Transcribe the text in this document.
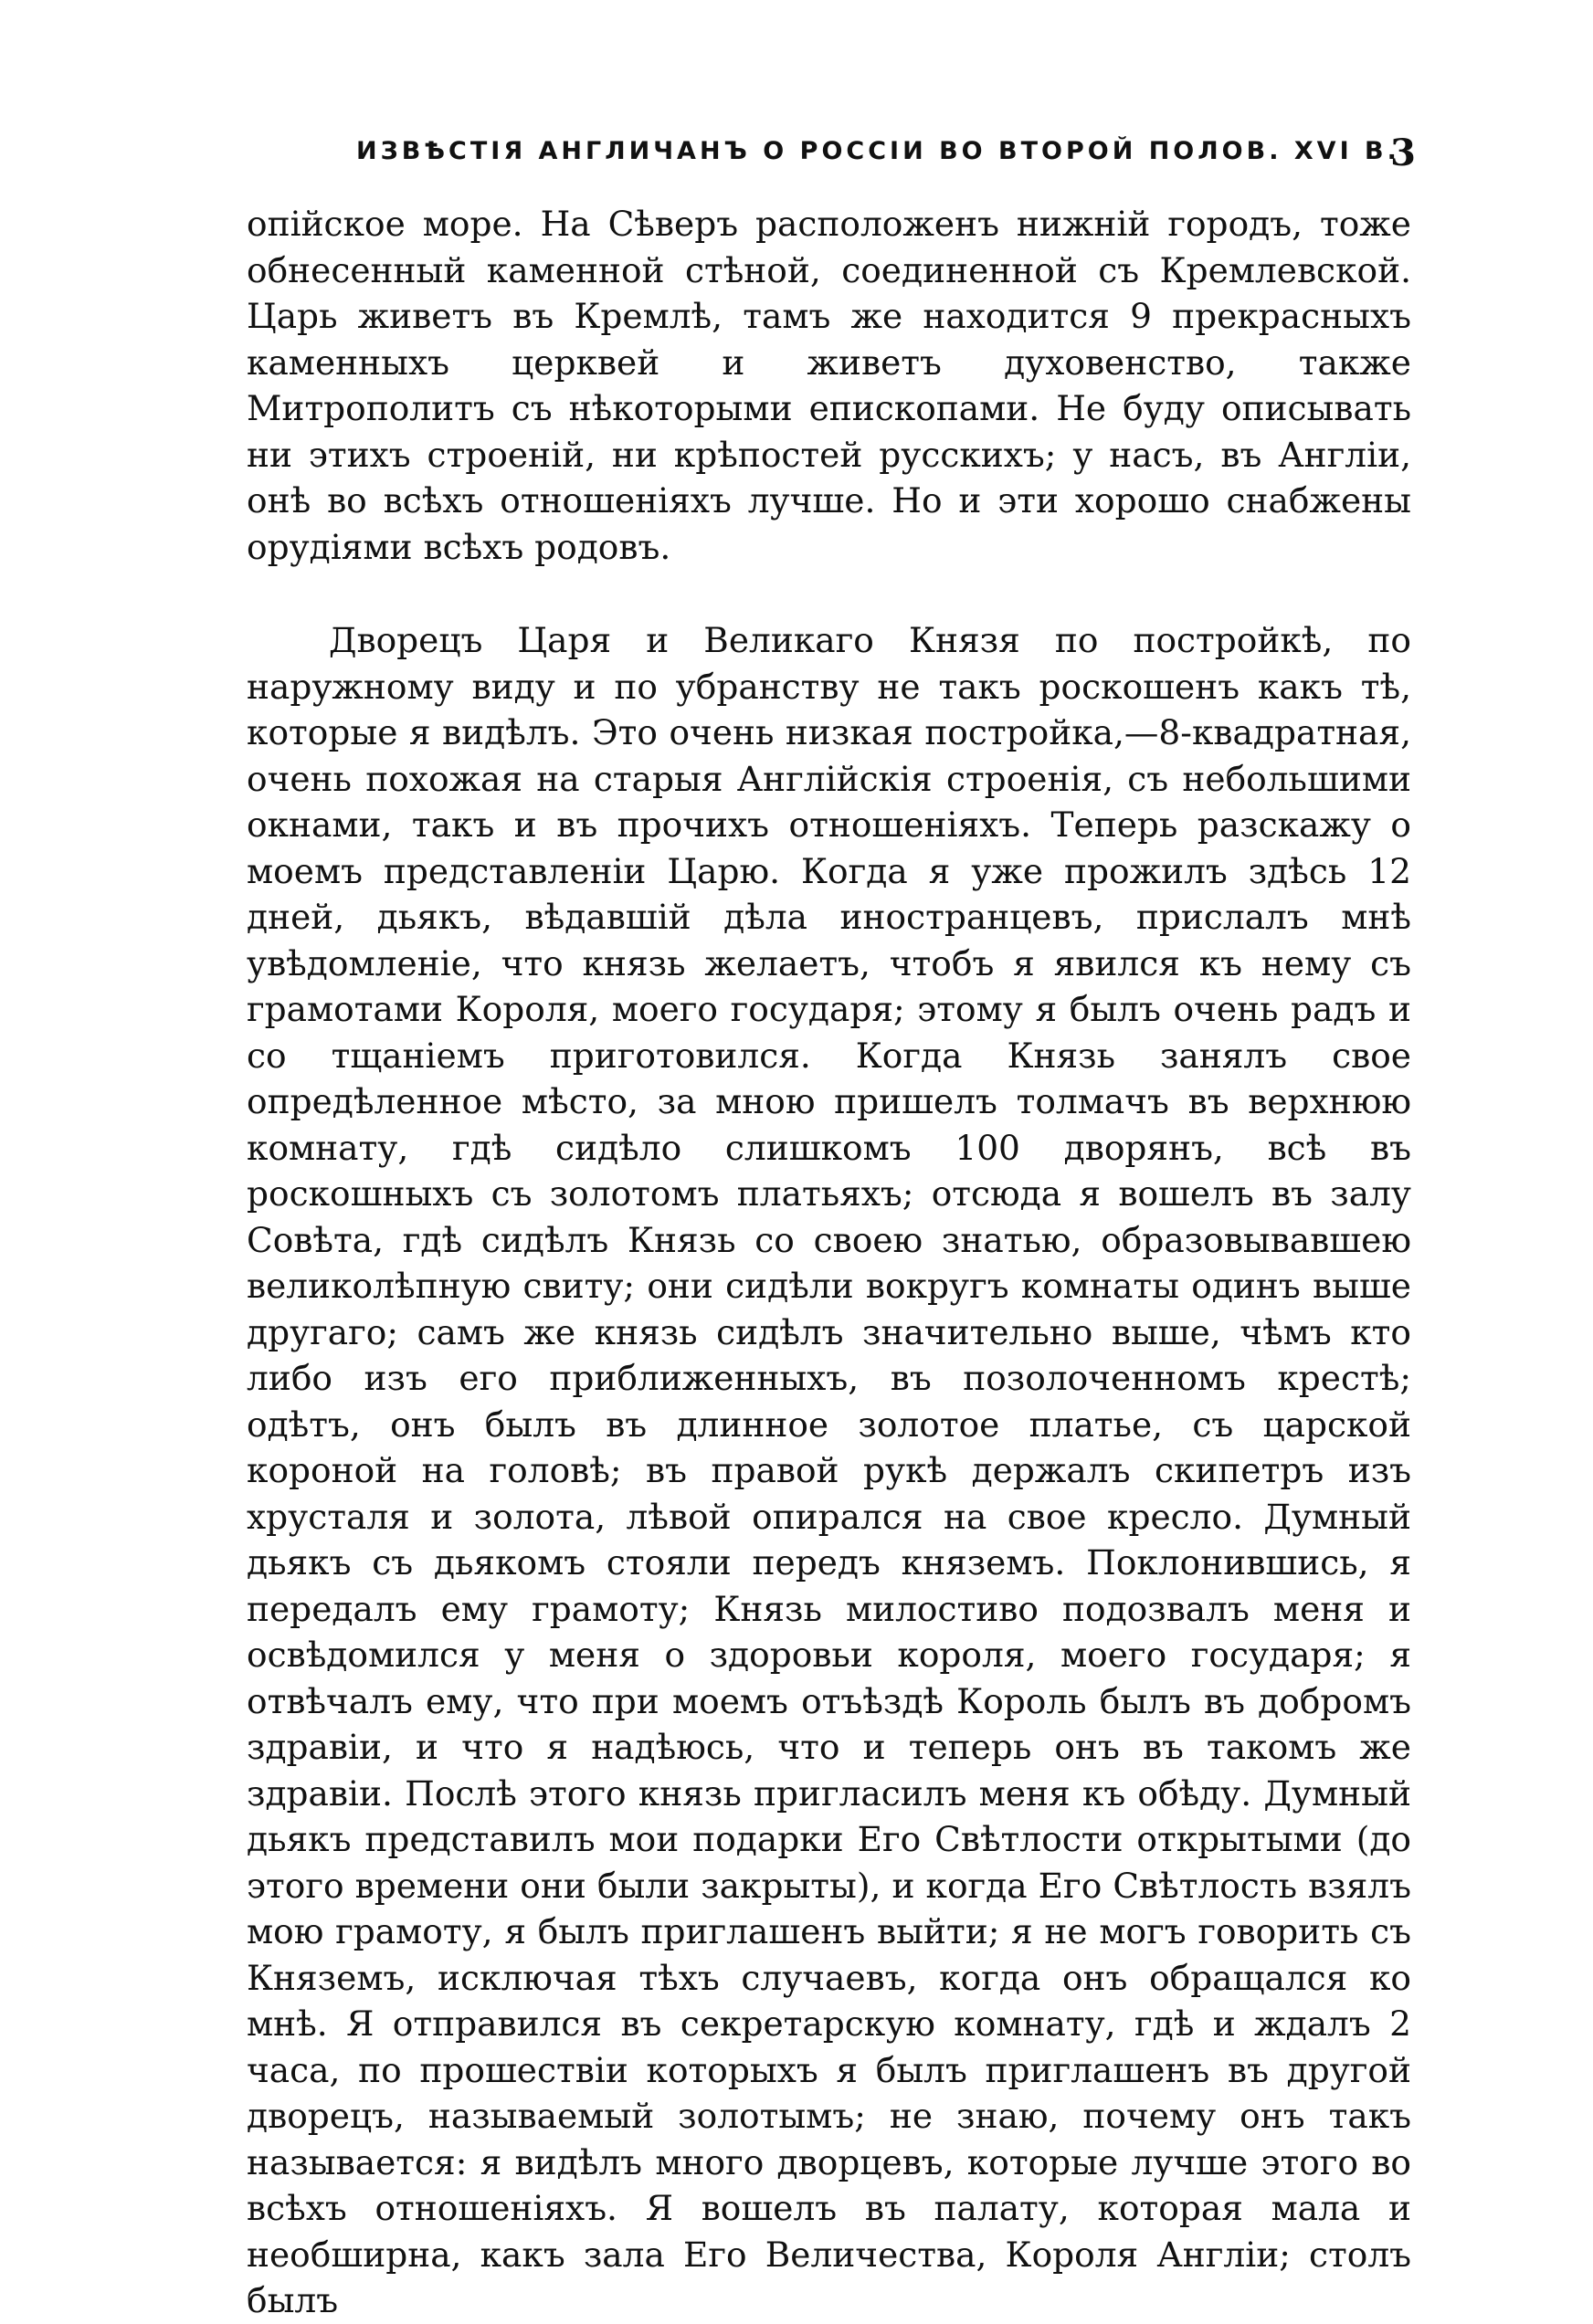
ИЗВѢСТІЯ АНГЛИЧАНЪ О РОССІИ ВО ВТОРОЙ ПОЛОВ. XVI В.
3

опійское море. На Сѣверъ расположенъ нижній городъ, тоже обнесенный каменной стѣной, соединенной съ Кремлевской. Царь живетъ въ Кремлѣ, тамъ же находится 9 прекрасныхъ каменныхъ церквей и живетъ духовенство, также Митрополитъ съ нѣкоторыми епископами. Не буду описывать ни этихъ строеній, ни крѣпостей русскихъ; у насъ, въ Англіи, онѣ во всѣхъ отношеніяхъ лучше. Но и эти хорошо снабжены орудіями всѣхъ родовъ.

Дворецъ Царя и Великаго Князя по постройкѣ, по наружному виду и по убранству не такъ роскошенъ какъ тѣ, которые я видѣлъ. Это очень низкая постройка,—8-квадратная, очень похожая на старыя Англійскія строенія, съ небольшими окнами, такъ и въ прочихъ отношеніяхъ. Теперь разскажу о моемъ представленіи Царю. Когда я уже прожилъ здѣсь 12 дней, дьякъ, вѣдавшій дѣла иностранцевъ, прислалъ мнѣ увѣдомленіе, что князь желаетъ, чтобъ я явился къ нему съ грамотами Короля, моего государя; этому я былъ очень радъ и со тщаніемъ приготовился. Когда Князь занялъ свое опредѣленное мѣсто, за мною пришелъ толмачъ въ верхнюю комнату, гдѣ сидѣло слишкомъ 100 дворянъ, всѣ въ роскошныхъ съ золотомъ платьяхъ; отсюда я вошелъ въ залу Совѣта, гдѣ сидѣлъ Князь со своею знатью, образовывавшею великолѣпную свиту; они сидѣли вокругъ комнаты одинъ выше другаго; самъ же князь сидѣлъ значительно выше, чѣмъ кто либо изъ его приближенныхъ, въ позолоченномъ крестѣ; одѣтъ, онъ былъ въ длинное золотое платье, съ царской короной на головѣ; въ правой рукѣ держалъ скипетръ изъ хрусталя и золота, лѣвой опирался на свое кресло. Думный дьякъ съ дьякомъ стояли передъ княземъ. Поклонившись, я передалъ ему грамоту; Князь милостиво подозвалъ меня и освѣдомился у меня о здоровьи короля, моего государя; я отвѣчалъ ему, что при моемъ отъѣздѣ Король былъ въ добромъ здравіи, и что я надѣюсь, что и теперь онъ въ такомъ же здравіи. Послѣ этого князь пригласилъ меня къ обѣду. Думный дьякъ представилъ мои подарки Его Свѣтлости открытыми (до этого времени они были закрыты), и когда Его Свѣтлость взялъ мою грамоту, я былъ приглашенъ выйти; я не могъ говорить съ Княземъ, исключая тѣхъ случаевъ, когда онъ обращался ко мнѣ. Я отправился въ секретарскую комнату, гдѣ и ждалъ 2 часа, по прошествіи которыхъ я былъ приглашенъ въ другой дворецъ, называемый золотымъ; не знаю, почему онъ такъ называется: я видѣлъ много дворцевъ, которые лучше этого во всѣхъ отношеніяхъ. Я вошелъ въ палату, которая мала и необширна, какъ зала Его Величества, Короля Англіи; столъ былъ
